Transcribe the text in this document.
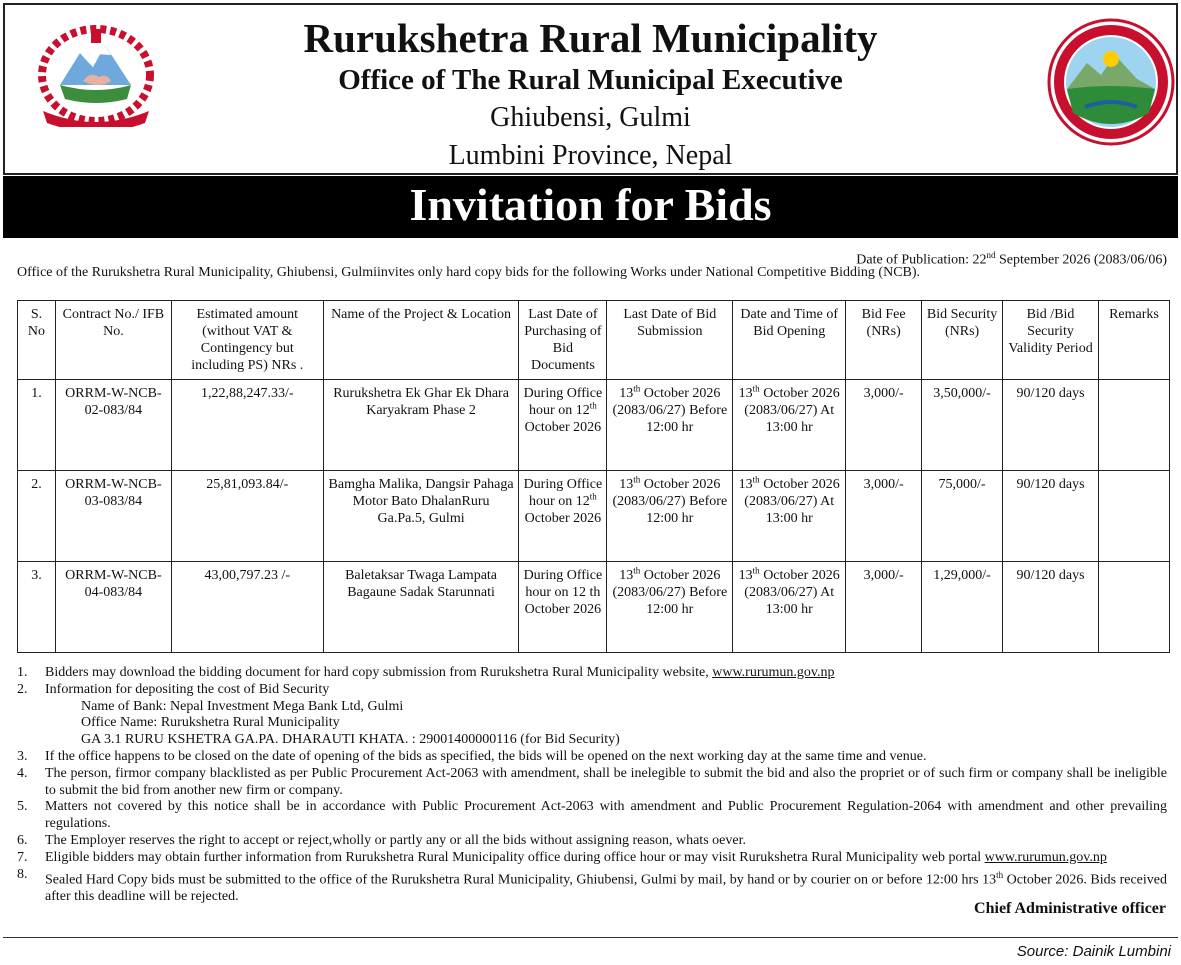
Rurukshetra Rural Municipality
Office of The Rural Municipal Executive
Ghiubensi, Gulmi
Lumbini Province, Nepal
Invitation for Bids
Date of Publication: 22nd September 2026 (2083/06/06)
Office of the Rurukshetra Rural Municipality, Ghiubensi, Gulmiinvites only hard copy bids for the following Works under National Competitive Bidding (NCB).
S. No	Contract No./ IFB No.	Estimated amount (without VAT & Contingency but including PS) NRs .	Name of the Project & Location	Last Date of Purchasing of Bid Documents	Last Date of Bid Submission	Date and Time of Bid Opening	Bid Fee (NRs)	Bid Security (NRs)	Bid /Bid Security Validity Period	Remarks
1.	ORRM-W-NCB-02-083/84	1,22,88,247.33/-	Rurukshetra Ek Ghar Ek Dhara Karyakram Phase 2	During Office hour on 12th October 2026	13th October 2026 (2083/06/27) Before 12:00 hr	13th October 2026 (2083/06/27) At 13:00 hr	3,000/-	3,50,000/-	90/120 days	
2.	ORRM-W-NCB-03-083/84	25,81,093.84/-	Bamgha Malika, Dangsir Pahaga Motor Bato DhalanRuru Ga.Pa.5, Gulmi	During Office hour on 12th October 2026	13th October 2026 (2083/06/27) Before 12:00 hr	13th October 2026 (2083/06/27) At 13:00 hr	3,000/-	75,000/-	90/120 days	
3.	ORRM-W-NCB-04-083/84	43,00,797.23 /-	Baletaksar Twaga Lampata Bagaune Sadak Starunnati	During Office hour on 12 th October 2026	13th October 2026 (2083/06/27) Before 12:00 hr	13th October 2026 (2083/06/27) At 13:00 hr	3,000/-	1,29,000/-	90/120 days	
1. Bidders may download the bidding document for hard copy submission from Rurukshetra Rural Municipality website, www.rurumun.gov.np
2. Information for depositing the cost of Bid Security
Name of Bank: Nepal Investment Mega Bank Ltd, Gulmi
Office Name: Rurukshetra Rural Municipality
GA 3.1 RURU KSHETRA GA.PA. DHARAUTI KHATA. : 29001400000116 (for Bid Security)
3. If the office happens to be closed on the date of opening of the bids as specified, the bids will be opened on the next working day at the same time and venue.
4. The person, firmor company blacklisted as per Public Procurement Act-2063 with amendment, shall be inelegible to submit the bid and also the propriet or of such firm or company shall be ineligible to submit the bid from another new firm or company.
5. Matters not covered by this notice shall be in accordance with Public Procurement Act-2063 with amendment and Public Procurement Regulation-2064 with amendment and other prevailing regulations.
6. The Employer reserves the right to accept or reject,wholly or partly any or all the bids without assigning reason, whats oever.
7. Eligible bidders may obtain further information from Rurukshetra Rural Municipality office during office hour or may visit Rurukshetra Rural Municipality web portal www.rurumun.gov.np
8. Sealed Hard Copy bids must be submitted to the office of the Rurukshetra Rural Municipality, Ghiubensi, Gulmi by mail, by hand or by courier on or before 12:00 hrs 13th October 2026. Bids received after this deadline will be rejected.
Chief Administrative officer
Source: Dainik Lumbini
